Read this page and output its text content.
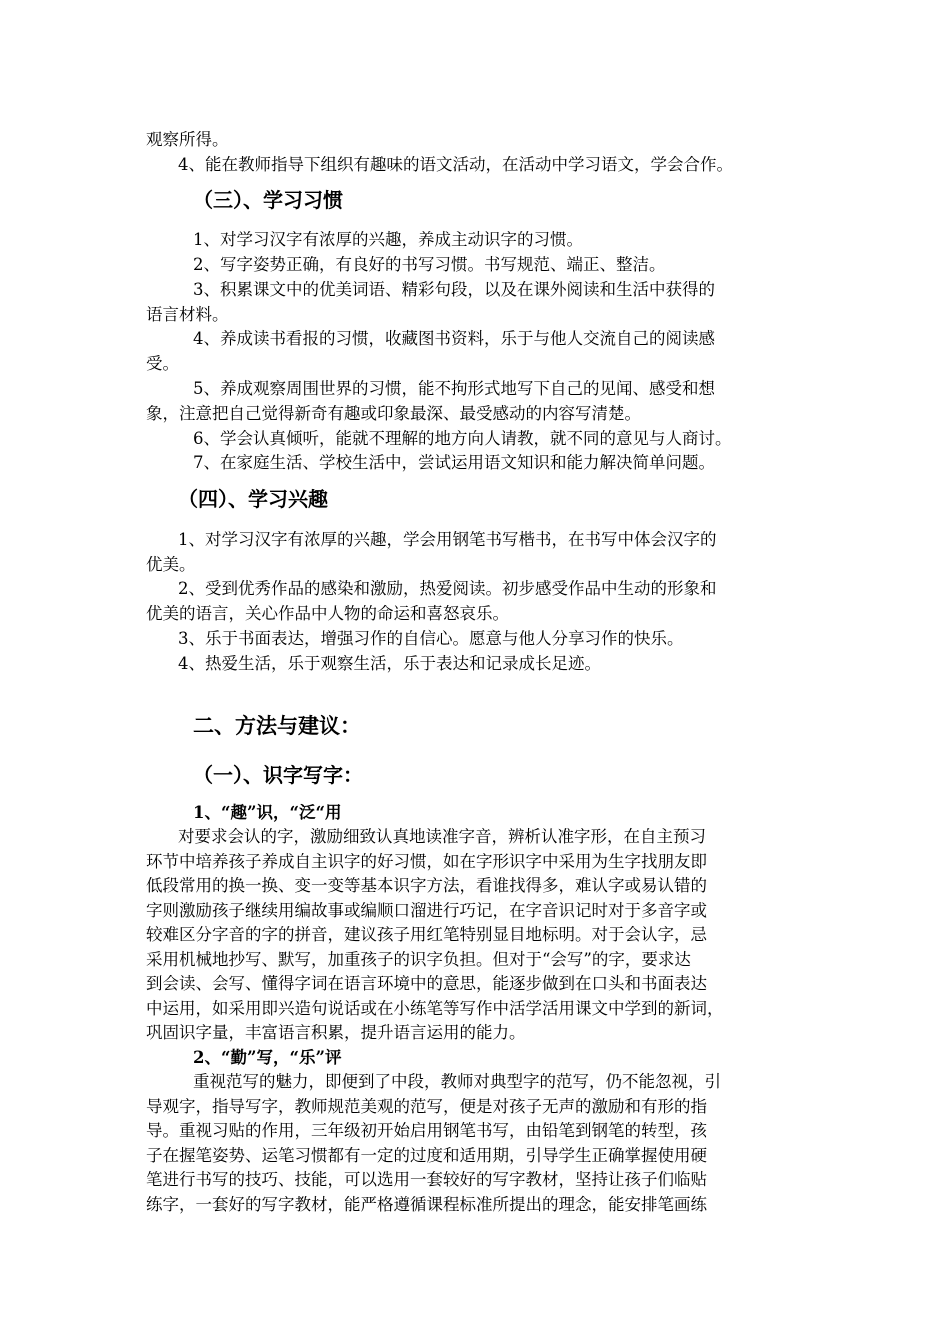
观察所得。
4、能在教师指导下组织有趣味的语文活动，在活动中学习语文，学会合作。
（三）、学习习惯
1、对学习汉字有浓厚的兴趣，养成主动识字的习惯。
2、写字姿势正确，有良好的书写习惯。书写规范、端正、整洁。
3、积累课文中的优美词语、精彩句段，以及在课外阅读和生活中获得的
语言材料。
4、养成读书看报的习惯，收藏图书资料，乐于与他人交流自己的阅读感
受。
5、养成观察周围世界的习惯，能不拘形式地写下自己的见闻、感受和想
象，注意把自己觉得新奇有趣或印象最深、最受感动的内容写清楚。
6、学会认真倾听，能就不理解的地方向人请教，就不同的意见与人商讨。
7、在家庭生活、学校生活中，尝试运用语文知识和能力解决简单问题。
（四）、学习兴趣
1、对学习汉字有浓厚的兴趣，学会用钢笔书写楷书，在书写中体会汉字的
优美。
2、受到优秀作品的感染和激励，热爱阅读。初步感受作品中生动的形象和
优美的语言，关心作品中人物的命运和喜怒哀乐。
3、乐于书面表达，增强习作的自信心。愿意与他人分享习作的快乐。
4、热爱生活，乐于观察生活，乐于表达和记录成长足迹。
二、方法与建议：
（一）、识字写字：
1、“趣”识，“泛“用
对要求会认的字，激励细致认真地读准字音，辨析认准字形，在自主预习
环节中培养孩子养成自主识字的好习惯，如在字形识字中采用为生字找朋友即
低段常用的换一换、变一变等基本识字方法，看谁找得多，难认字或易认错的
字则激励孩子继续用编故事或编顺口溜进行巧记，在字音识记时对于多音字或
较难区分字音的字的拼音，建议孩子用红笔特别显目地标明。对于会认字，忌
采用机械地抄写、默写，加重孩子的识字负担。但对于“会写”的字，要求达
到会读、会写、懂得字词在语言环境中的意思，能逐步做到在口头和书面表达
中运用，如采用即兴造句说话或在小练笔等写作中活学活用课文中学到的新词，
巩固识字量，丰富语言积累，提升语言运用的能力。
2、“勤”写，“乐”评
重视范写的魅力，即便到了中段，教师对典型字的范写，仍不能忽视，引
导观字，指导写字，教师规范美观的范写，便是对孩子无声的激励和有形的指
导。重视习贴的作用，三年级初开始启用钢笔书写，由铅笔到钢笔的转型，孩
子在握笔姿势、运笔习惯都有一定的过度和适用期，引导学生正确掌握使用硬
笔进行书写的技巧、技能，可以选用一套较好的写字教材，坚持让孩子们临贴
练字，一套好的写字教材，能严格遵循课程标准所提出的理念，能安排笔画练
